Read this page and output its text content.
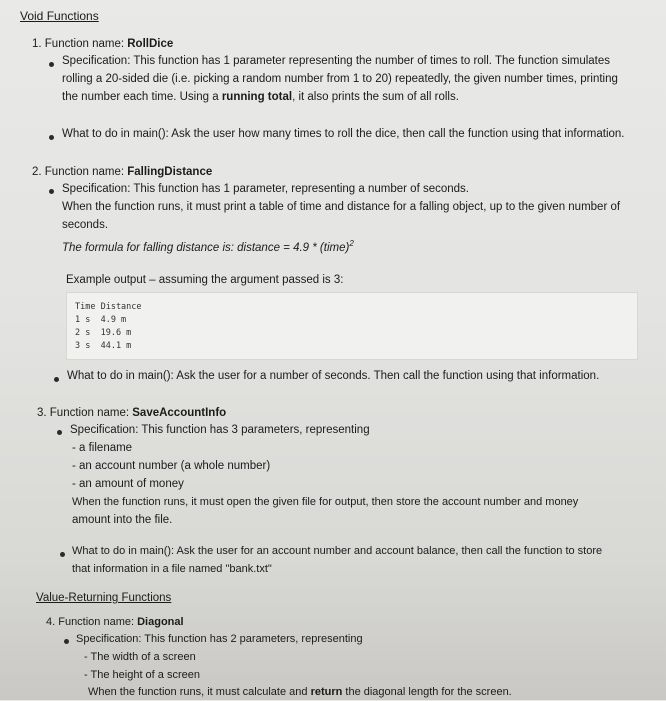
Void Functions
1. Function name: RollDice
Specification: This function has 1 parameter representing the number of times to roll. The function simulates
rolling a 20-sided die (i.e. picking a random number from 1 to 20) repeatedly, the given number times, printing
the number each time. Using a running total, it also prints the sum of all rolls.
What to do in main(): Ask the user how many times to roll the dice, then call the function using that information.
2. Function name: FallingDistance
Specification: This function has 1 parameter, representing a number of seconds.
When the function runs, it must print a table of time and distance for a falling object, up to the given number of
seconds.
The formula for falling distance is: distance = 4.9 * (time)$^2$
Example output – assuming the argument passed is 3:
Time Distance
1 s  4.9 m
2 s  19.6 m
3 s  44.1 m
What to do in main(): Ask the user for a number of seconds. Then call the function using that information.
3. Function name: SaveAccountInfo
Specification: This function has 3 parameters, representing
- a filename
- an account number (a whole number)
- an amount of money
When the function runs, it must open the given file for output, then store the account number and money
amount into the file.
What to do in main(): Ask the user for an account number and account balance, then call the function to store
that information in a file named "bank.txt"
Value-Returning Functions
4. Function name: Diagonal
Specification: This function has 2 parameters, representing
- The width of a screen
- The height of a screen
When the function runs, it must calculate and return the diagonal length for the screen.
